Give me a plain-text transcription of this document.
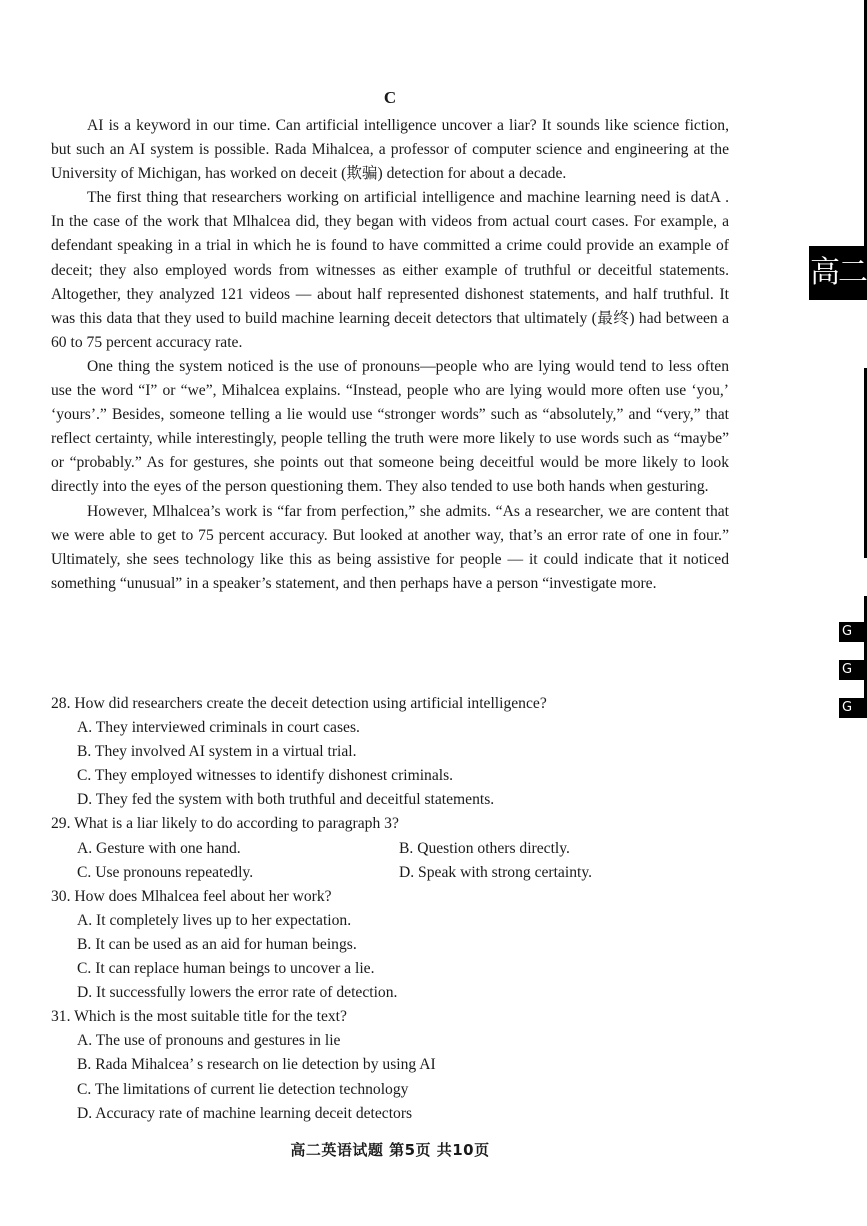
C

AI is a keyword in our time. Can artificial intelligence uncover a liar? It sounds like science fiction, but such an AI system is possible. Rada Mihalcea, a professor of computer science and engineering at the University of Michigan, has worked on deceit (欺骗) detection for about a decade.

The first thing that researchers working on artificial intelligence and machine learning need is datA . In the case of the work that Mlhalcea did, they began with videos from actual court cases. For example, a defendant speaking in a trial in which he is found to have committed a crime could provide an example of deceit; they also employed words from witnesses as either example of truthful or deceitful statements. Altogether, they analyzed 121 videos — about half represented dishonest statements, and half truthful. It was this data that they used to build machine learning deceit detectors that ultimately (最终) had between a 60 to 75 percent accuracy rate.

One thing the system noticed is the use of pronouns—people who are lying would tend to less often use the word “I” or “we”, Mihalcea explains. “Instead, people who are lying would more often use ‘you,’ ‘yours’.” Besides, someone telling a lie would use “stronger words” such as “absolutely,” and “very,” that reflect certainty, while interestingly, people telling the truth were more likely to use words such as “maybe” or “probably.” As for gestures, she points out that someone being deceitful would be more likely to look directly into the eyes of the person questioning them. They also tended to use both hands when gesturing.

However, Mlhalcea’s work is “far from perfection,” she admits. “As a researcher, we are content that we were able to get to 75 percent accuracy. But looked at another way, that’s an error rate of one in four.” Ultimately, she sees technology like this as being assistive for people — it could indicate that it noticed something “unusual” in a speaker’s statement, and then perhaps have a person “investigate more.

28. How did researchers create the deceit detection using artificial intelligence?
A. They interviewed criminals in court cases.
B. They involved AI system in a virtual trial.
C. They employed witnesses to identify dishonest criminals.
D. They fed the system with both truthful and deceitful statements.
29. What is a liar likely to do according to paragraph 3?
A. Gesture with one hand.	B. Question others directly.
C. Use pronouns repeatedly.	D. Speak with strong certainty.
30. How does Mlhalcea feel about her work?
A. It completely lives up to her expectation.
B. It can be used as an aid for human beings.
C. It can replace human beings to uncover a lie.
D. It successfully lowers the error rate of detection.
31. Which is the most suitable title for the text?
A. The use of pronouns and gestures in lie
B. Rada Mihalcea’ s research on lie detection by using AI
C. The limitations of current lie detection technology
D. Accuracy rate of machine learning deceit detectors
高二英语试题 第5页 共10页
高二
G
G
G
